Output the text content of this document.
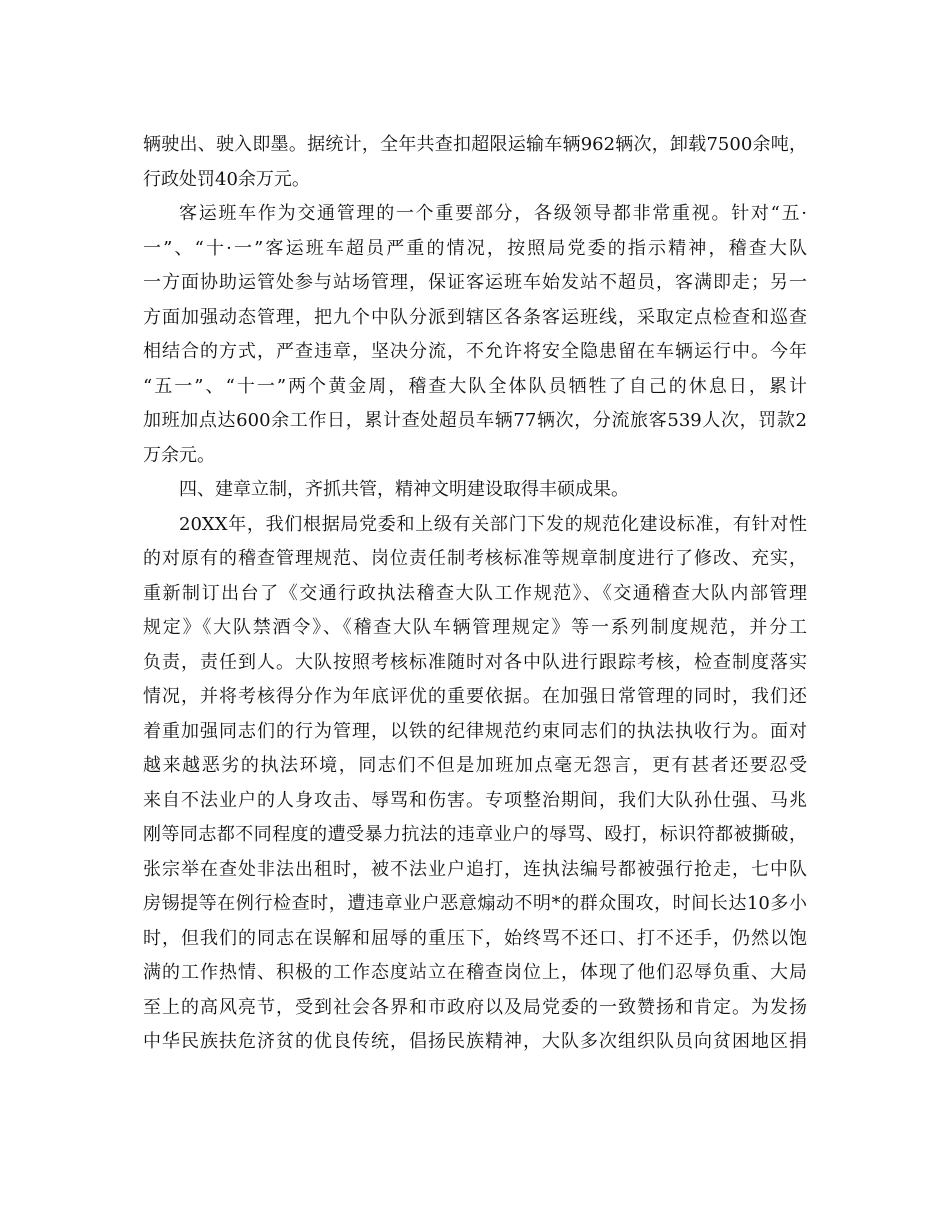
辆驶出、驶入即墨。据统计，全年共查扣超限运输车辆962辆次，卸载7500余吨，
行政处罚40余万元。
客运班车作为交通管理的一个重要部分，各级领导都非常重视。针对“五·
一”、“十·一”客运班车超员严重的情况，按照局党委的指示精神，稽查大队
一方面协助运管处参与站场管理，保证客运班车始发站不超员，客满即走；另一
方面加强动态管理，把九个中队分派到辖区各条客运班线，采取定点检查和巡查
相结合的方式，严查违章，坚决分流，不允许将安全隐患留在车辆运行中。今年
“五一”、“十一”两个黄金周，稽查大队全体队员牺牲了自己的休息日，累计
加班加点达600余工作日，累计查处超员车辆77辆次，分流旅客539人次，罚款2
万余元。
四、建章立制，齐抓共管，精神文明建设取得丰硕成果。
20XX年，我们根据局党委和上级有关部门下发的规范化建设标准，有针对性
的对原有的稽查管理规范、岗位责任制考核标准等规章制度进行了修改、充实，
重新制订出台了《交通行政执法稽查大队工作规范》、《交通稽查大队内部管理
规定》《大队禁酒令》、《稽查大队车辆管理规定》等一系列制度规范，并分工
负责，责任到人。大队按照考核标准随时对各中队进行跟踪考核，检查制度落实
情况，并将考核得分作为年底评优的重要依据。在加强日常管理的同时，我们还
着重加强同志们的行为管理，以铁的纪律规范约束同志们的执法执收行为。面对
越来越恶劣的执法环境，同志们不但是加班加点毫无怨言，更有甚者还要忍受
来自不法业户的人身攻击、辱骂和伤害。专项整治期间，我们大队孙仕强、马兆
刚等同志都不同程度的遭受暴力抗法的违章业户的辱骂、殴打，标识符都被撕破，
张宗举在查处非法出租时，被不法业户追打，连执法编号都被强行抢走，七中队
房锡提等在例行检查时，遭违章业户恶意煽动不明*的群众围攻，时间长达10多小
时，但我们的同志在误解和屈辱的重压下，始终骂不还口、打不还手，仍然以饱
满的工作热情、积极的工作态度站立在稽查岗位上，体现了他们忍辱负重、大局
至上的高风亮节，受到社会各界和市政府以及局党委的一致赞扬和肯定。为发扬
中华民族扶危济贫的优良传统，倡扬民族精神，大队多次组织队员向贫困地区捐
